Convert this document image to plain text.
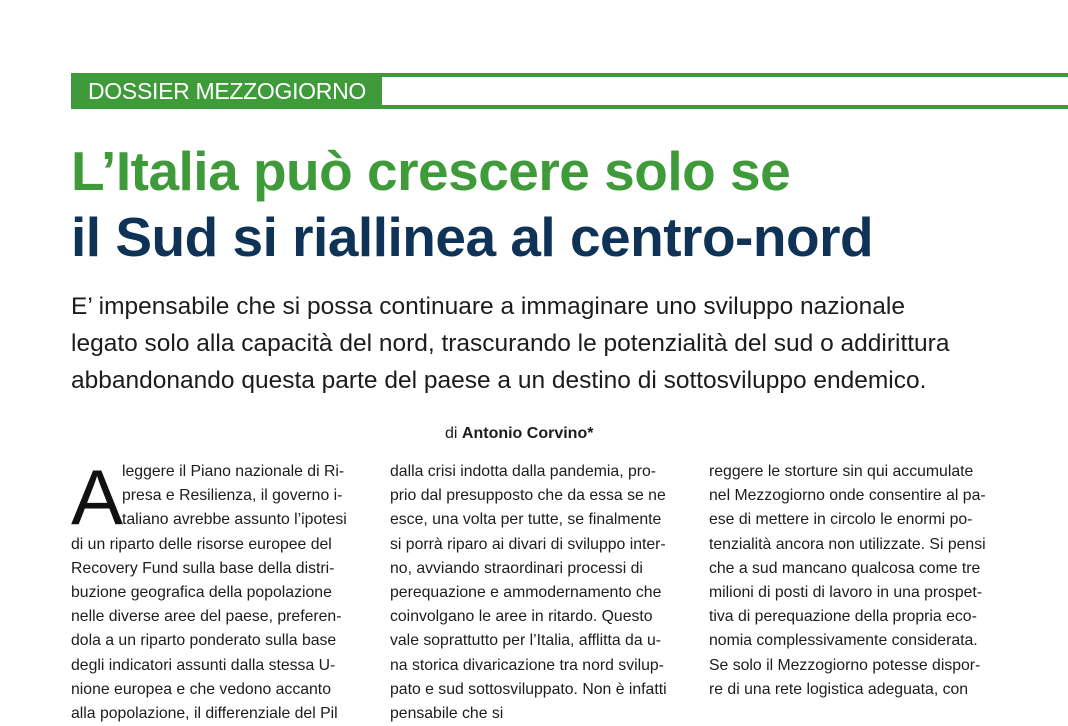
DOSSIER MEZZOGIORNO
L’Italia può crescere solo se
il Sud si riallinea al centro-nord

E’ impensabile che si possa continuare a immaginare uno sviluppo nazionale
legato solo alla capacità del nord, trascurando le potenzialità del sud o addirittura
abbandonando questa parte del paese a un destino di sottosviluppo endemico.

di Antonio Corvino*
A
leggere il Piano nazionale di Ri-
presa e Resilienza, il governo i-
taliano avrebbe assunto l’ipotesi
di un riparto delle risorse europee del
Recovery Fund sulla base della distri-
buzione geografica della popolazione
nelle diverse aree del paese, preferen-
dola a un riparto ponderato sulla base
degli indicatori assunti dalla stessa U-
nione europea e che vedono accanto
alla popolazione, il differenziale del Pil
dalla crisi indotta dalla pandemia, pro-
prio dal presupposto che da essa se ne
esce, una volta per tutte, se finalmente
si porrà riparo ai divari di sviluppo inter-
no, avviando straordinari processi di
perequazione e ammodernamento che
coinvolgano le aree in ritardo. Questo
vale soprattutto per l’Italia, afflitta da u-
na storica divaricazione tra nord svilup-
pato e sud sottosviluppato. Non è infatti
pensabile che si
reggere le storture sin qui accumulate
nel Mezzogiorno onde consentire al pa-
ese di mettere in circolo le enormi po-
tenzialità ancora non utilizzate. Si pensi
che a sud mancano qualcosa come tre
milioni di posti di lavoro in una prospet-
tiva di perequazione della propria eco-
nomia complessivamente considerata.
Se solo il Mezzogiorno potesse dispor-
re di una rete logistica adeguata, con
